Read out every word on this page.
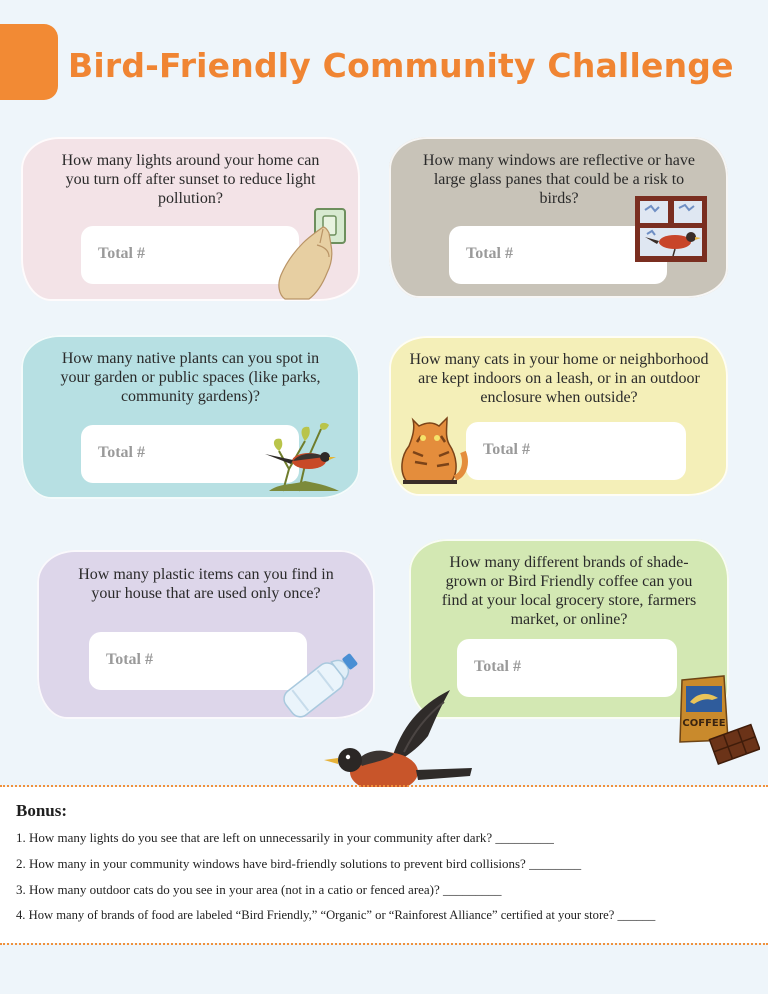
Bird-Friendly Community Challenge

How many lights around your home can you turn off after sunset to reduce light pollution?

Total #

How many windows are reflective or have large glass panes that could be a risk to birds?

Total #

How many native plants can you spot in your garden or public spaces (like parks, community gardens)?

Total #

How many cats in your home or neighborhood are kept indoors on a leash, or in an outdoor enclosure when outside?

Total #

How many plastic items can you find in your house that are used only once?

Total #

How many different brands of shade-grown or Bird Friendly coffee can you find at your local grocery store, farmers market, or online?

Total #
COFFEE
Bonus:

1. How many lights do you see that are left on unnecessarily in your community after dark? _________

2. How many in your community windows have bird-friendly solutions to prevent bird collisions? ________

3. How many outdoor cats do you see in your area (not in a catio or fenced area)? _________

4. How many of brands of food are labeled “Bird Friendly,” “Organic” or “Rainforest Alliance” certified at your store? ______
